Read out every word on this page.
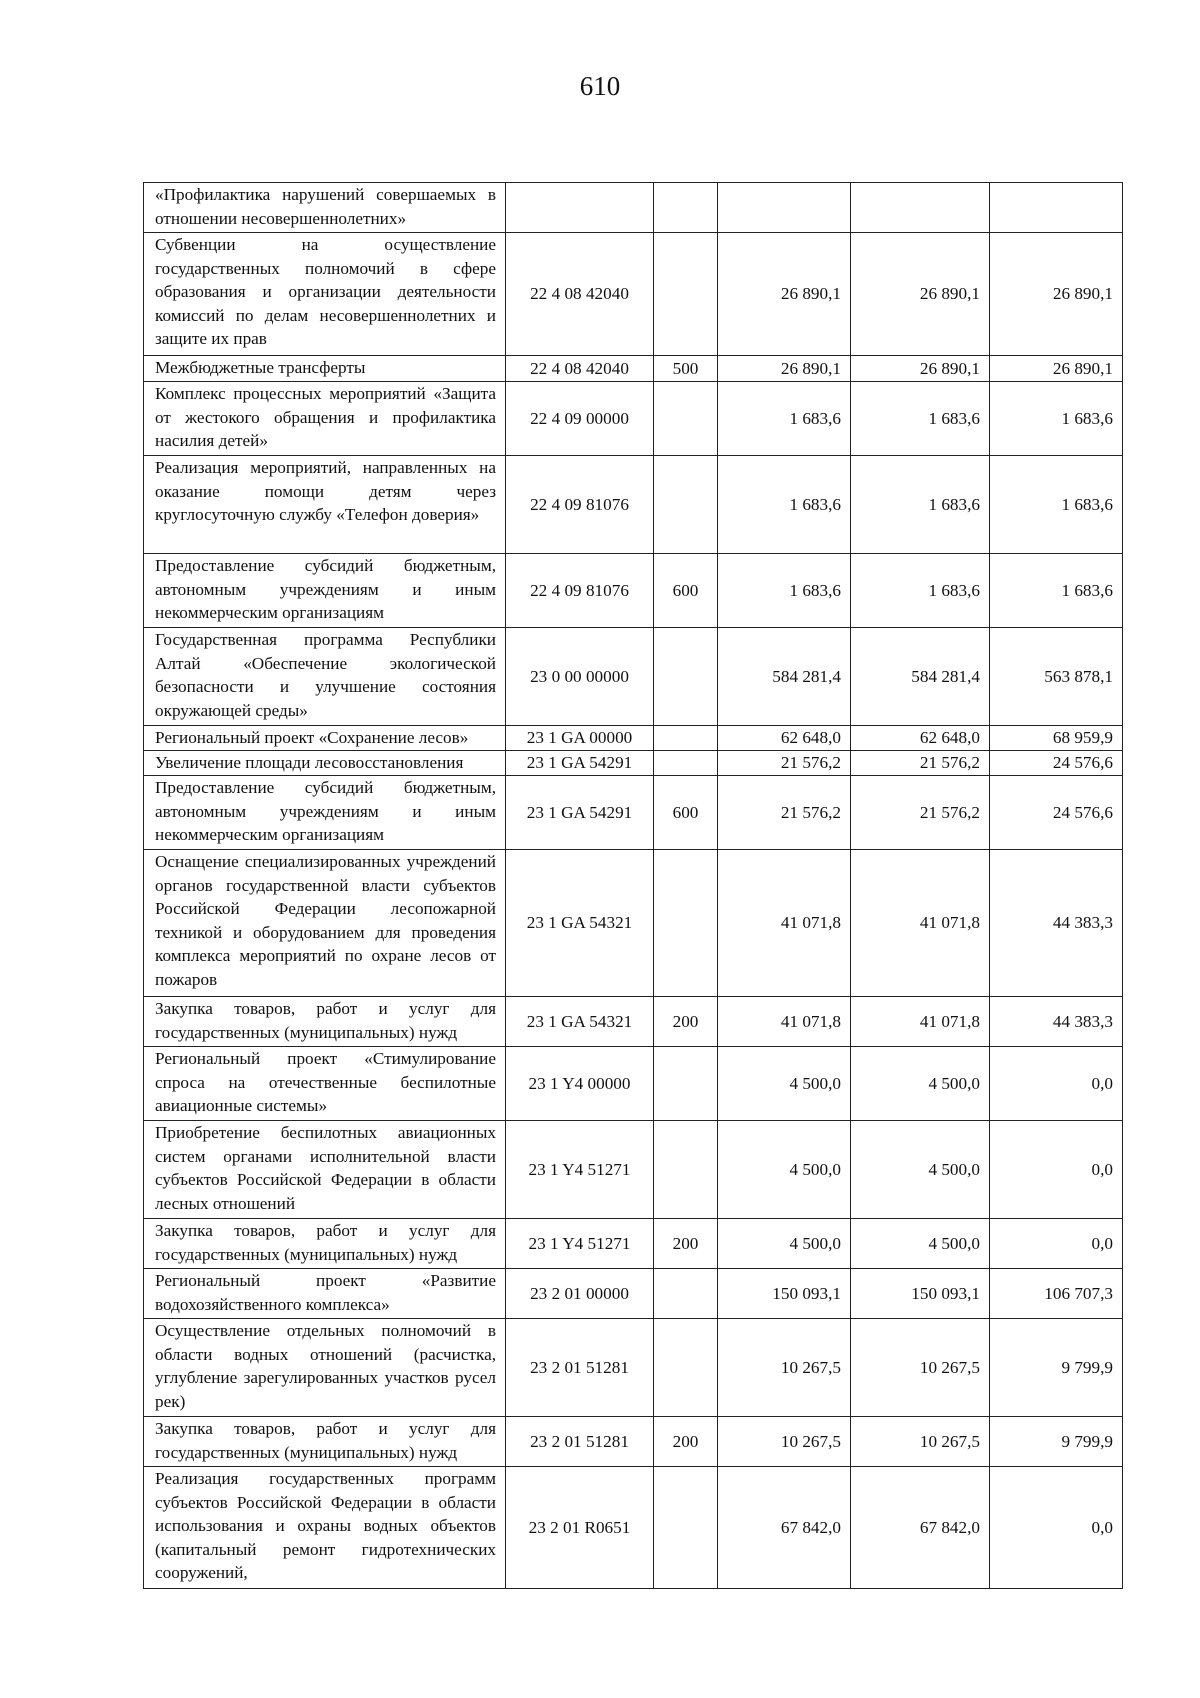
610
«Профилактика нарушений совершаемых в отношении несовершеннолетних»					
Субвенции на осуществление государственных полномочий в сфере образования и организации деятельности комиссий по делам несовершеннолетних и защите их прав	22 4 08 42040		26 890,1	26 890,1	26 890,1
Межбюджетные трансферты	22 4 08 42040	500	26 890,1	26 890,1	26 890,1
Комплекс процессных мероприятий «Защита от жестокого обращения и профилактика насилия детей»	22 4 09 00000		1 683,6	1 683,6	1 683,6
Реализация мероприятий, направленных на оказание помощи детям через круглосуточную службу «Телефон доверия»	22 4 09 81076		1 683,6	1 683,6	1 683,6
Предоставление субсидий бюджетным, автономным учреждениям и иным некоммерческим организациям	22 4 09 81076	600	1 683,6	1 683,6	1 683,6
Государственная программа Республики Алтай «Обеспечение экологической безопасности и улучшение состояния окружающей среды»	23 0 00 00000		584 281,4	584 281,4	563 878,1
Региональный проект «Сохранение лесов»	23 1 GA 00000		62 648,0	62 648,0	68 959,9
Увеличение площади лесовосстановления	23 1 GA 54291		21 576,2	21 576,2	24 576,6
Предоставление субсидий бюджетным, автономным учреждениям и иным некоммерческим организациям	23 1 GA 54291	600	21 576,2	21 576,2	24 576,6
Оснащение специализированных учреждений органов государственной власти субъектов Российской Федерации лесопожарной техникой и оборудованием для проведения комплекса мероприятий по охране лесов от пожаров	23 1 GA 54321		41 071,8	41 071,8	44 383,3
Закупка товаров, работ и услуг для государственных (муниципальных) нужд	23 1 GA 54321	200	41 071,8	41 071,8	44 383,3
Региональный проект «Стимулирование спроса на отечественные беспилотные авиационные системы»	23 1 Y4 00000		4 500,0	4 500,0	0,0
Приобретение беспилотных авиационных систем органами исполнительной власти субъектов Российской Федерации в области лесных отношений	23 1 Y4 51271		4 500,0	4 500,0	0,0
Закупка товаров, работ и услуг для государственных (муниципальных) нужд	23 1 Y4 51271	200	4 500,0	4 500,0	0,0
Региональный проект «Развитие водохозяйственного комплекса»	23 2 01 00000		150 093,1	150 093,1	106 707,3
Осуществление отдельных полномочий в области водных отношений (расчистка, углубление зарегулированных участков русел рек)	23 2 01 51281		10 267,5	10 267,5	9 799,9
Закупка товаров, работ и услуг для государственных (муниципальных) нужд	23 2 01 51281	200	10 267,5	10 267,5	9 799,9
Реализация государственных программ субъектов Российской Федерации в области использования и охраны водных объектов (капитальный ремонт гидротехнических сооружений,	23 2 01 R0651		67 842,0	67 842,0	0,0
